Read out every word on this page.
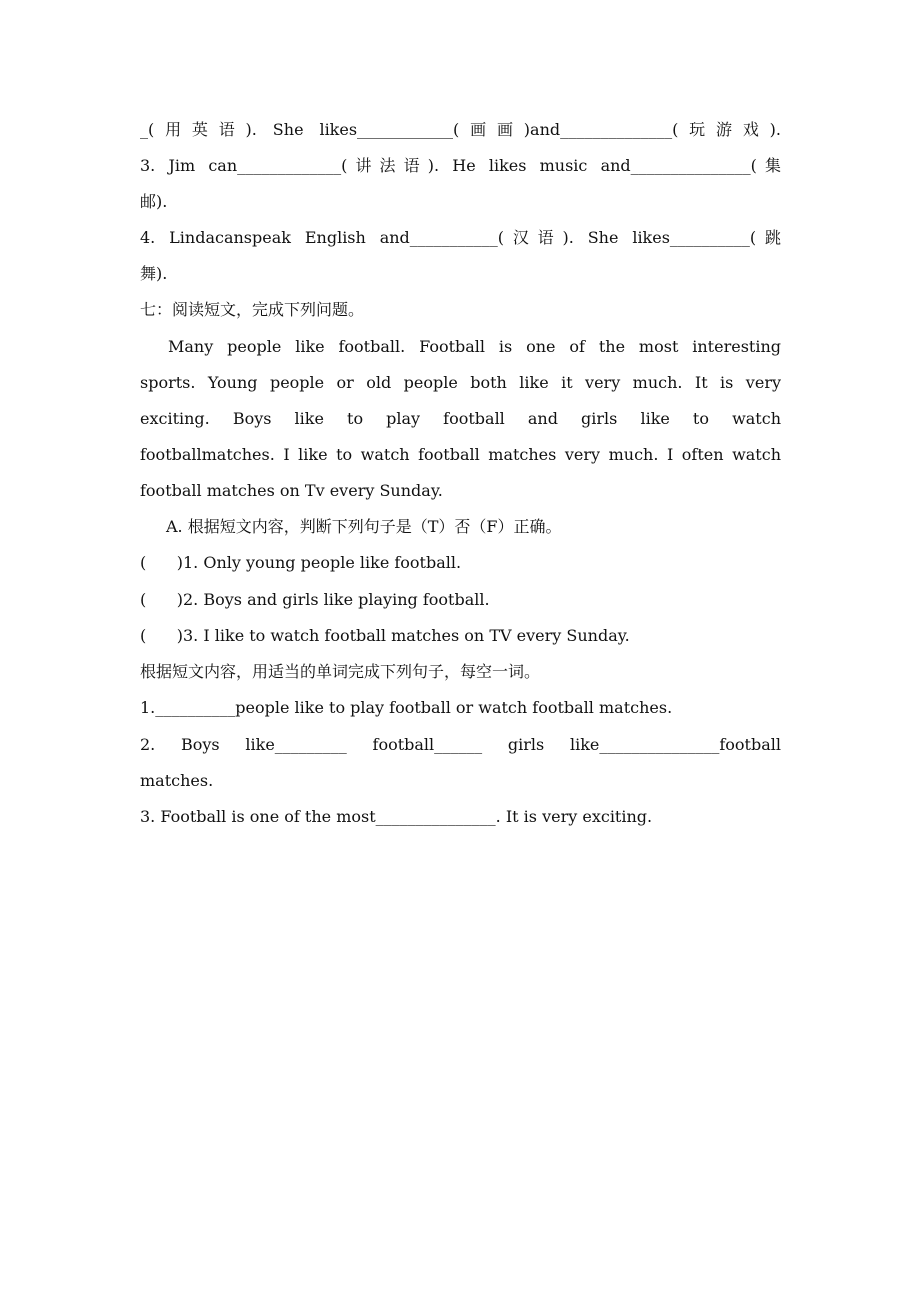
_(用英语). She likes____________(画画)and______________(玩游戏).
3. Jim can_____________(讲法语). He likes music and_______________(集
邮).
4. Lindacanspeak English and___________(汉语). She likes__________(跳
舞).
七：阅读短文，完成下列问题。
Many people like football. Football is one of the most interesting
sports. Young people or old people both like it very much. It is very
exciting. Boys like to play football and girls like to watch
footballmatches. I like to watch football matches very much. I often watch
football matches on Tv every Sunday.
A. 根据短文内容，判断下列句子是（T）否（F）正确。
(      )1. Only young people like football.
(      )2. Boys and girls like playing football.
(      )3. I like to watch football matches on TV every Sunday.
根据短文内容，用适当的单词完成下列句子，每空一词。
1.__________people like to play football or watch football matches.
2. Boys like_________ football______ girls like_______________football
matches.
3. Football is one of the most_______________. It is very exciting.
